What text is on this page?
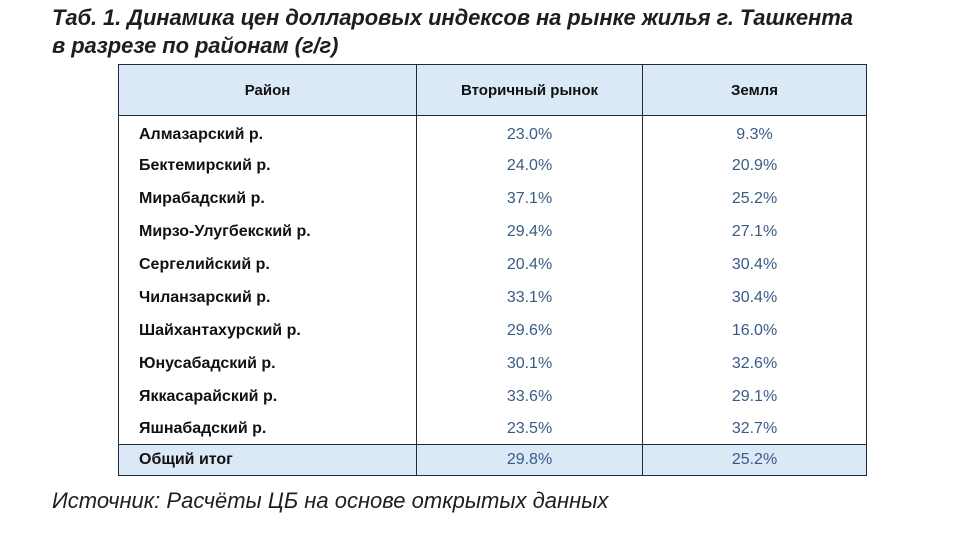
Таб. 1. Динамика цен долларовых индексов на рынке жилья г. Ташкента
в разрезе по районам (г/г)
Район	Вторичный рынок	Земля
Алмазарский р.	23.0%	9.3%
Бектемирский р.	24.0%	20.9%
Мирабадский р.	37.1%	25.2%
Мирзо-Улугбекский р.	29.4%	27.1%
Сергелийский р.	20.4%	30.4%
Чиланзарский р.	33.1%	30.4%
Шайхантахурский р.	29.6%	16.0%
Юнусабадский р.	30.1%	32.6%
Яккасарайский р.	33.6%	29.1%
Яшнабадский р.	23.5%	32.7%
Общий итог	29.8%	25.2%
Источник: Расчёты ЦБ на основе открытых данных
